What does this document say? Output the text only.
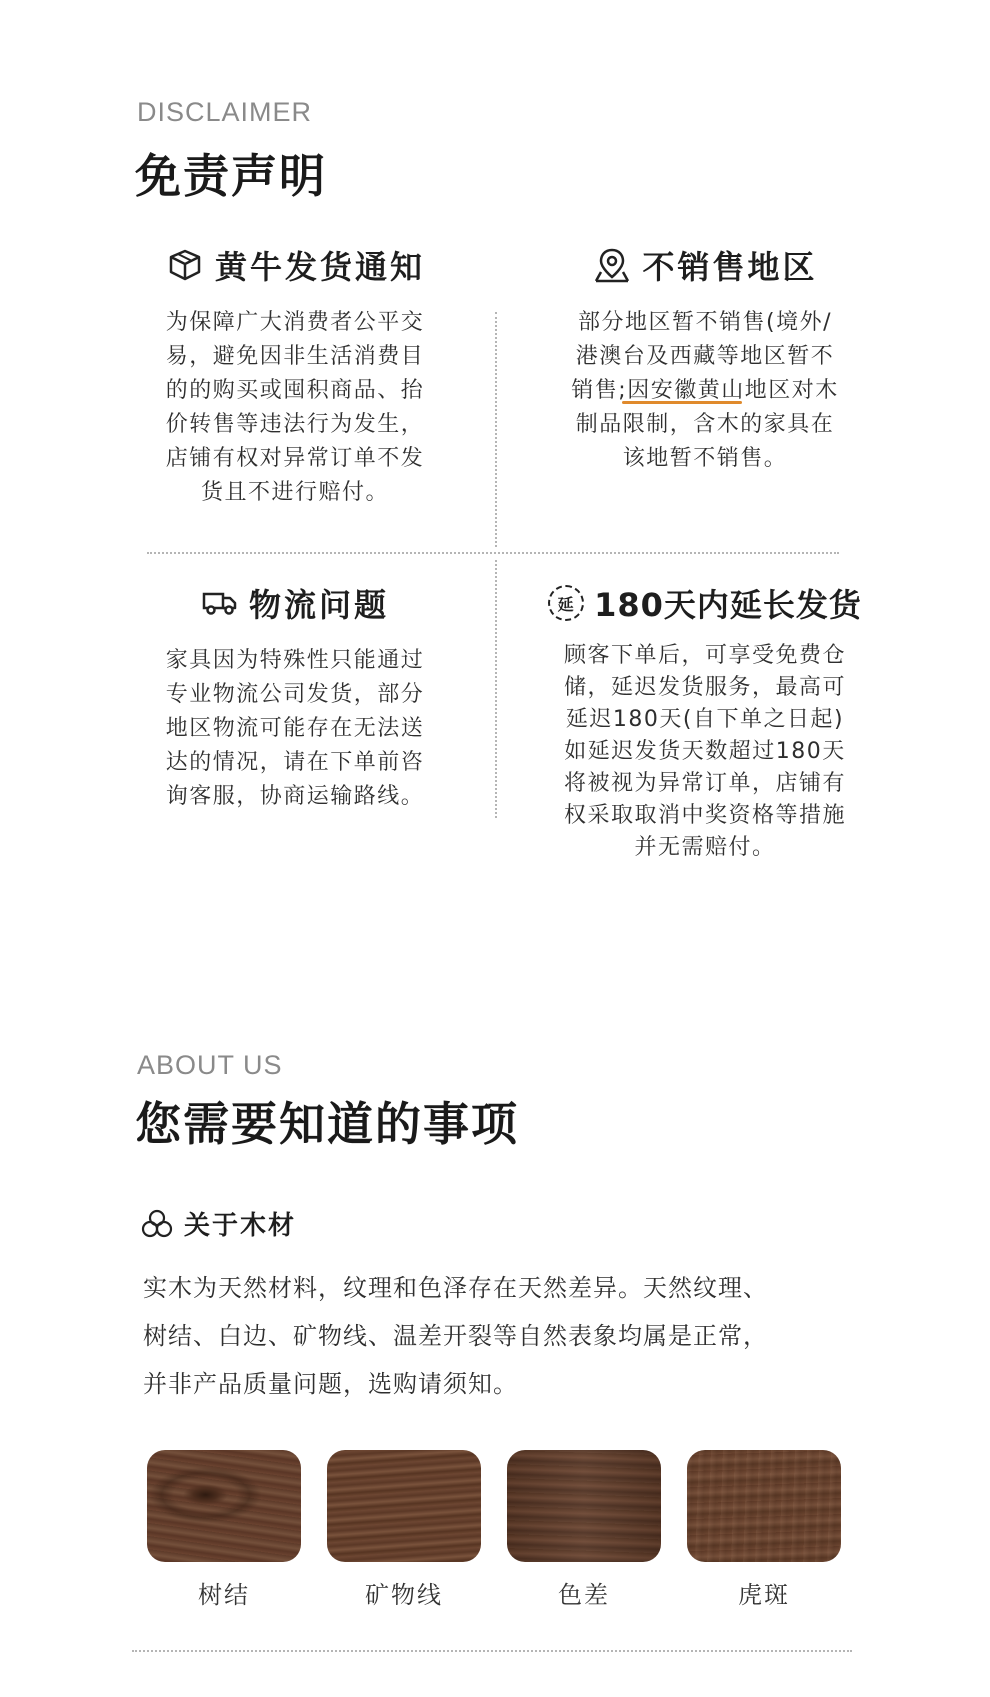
DISCLAIMER
免责声明
黄牛发货通知
为保障广大消费者公平交
易，避免因非生活消费目
的的购买或囤积商品、抬
价转售等违法行为发生，
店铺有权对异常订单不发
货且不进行赔付。
不销售地区
部分地区暂不销售(境外/
港澳台及西藏等地区暂不
销售;因安徽黄山地区对木
制品限制，含木的家具在
该地暂不销售。
物流问题
家具因为特殊性只能通过
专业物流公司发货，部分
地区物流可能存在无法送
达的情况，请在下单前咨
询客服，协商运输路线。
延 180天内延长发货
顾客下单后，可享受免费仓
储，延迟发货服务，最高可
延迟180天(自下单之日起)
如延迟发货天数超过180天
将被视为异常订单，店铺有
权采取取消中奖资格等措施
并无需赔付。
ABOUT US
您需要知道的事项
关于木材
实木为天然材料，纹理和色泽存在天然差异。天然纹理、
树结、白边、矿物线、温差开裂等自然表象均属是正常，
并非产品质量问题，选购请须知。
树结	矿物线	色差	虎斑
